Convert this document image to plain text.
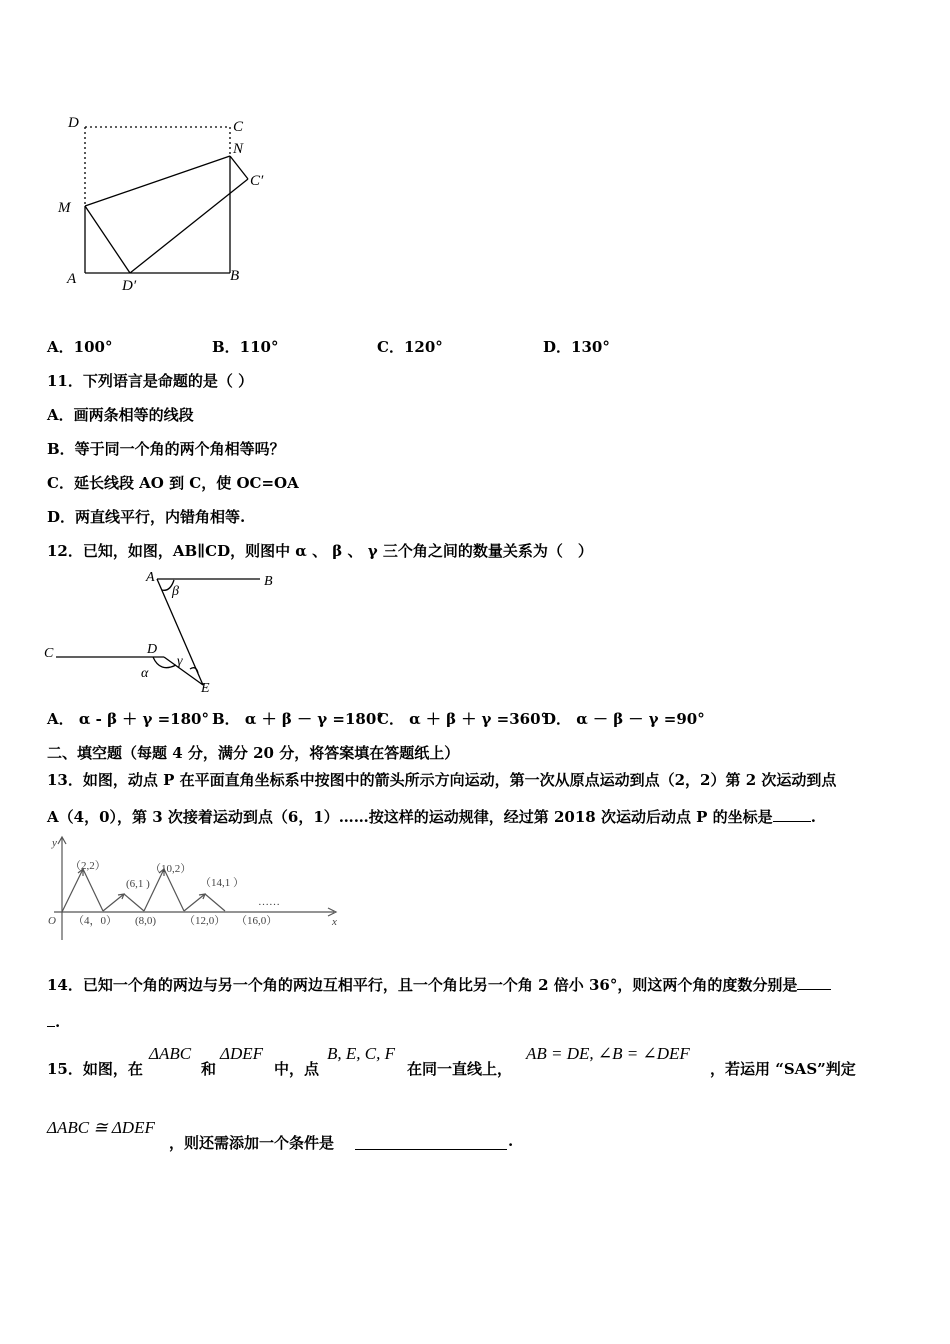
D	C
N
C′
M
A	D′
B
A．100°	B．110°	C．120°	D．130°
11．下列语言是命题的是（ ）
A．画两条相等的线段
B．等于同一个角的两个角相等吗？
C．延长线段 AO 到 C，使 OC=OA
D．两直线平行，内错角相等.
12．已知，如图，AB∥CD，则图中 α 、 β 、 γ 三个角之间的数量关系为（　）
A	B
C	D
E
α
β
γ
A． α - β ＋ γ =180° B． α ＋ β － γ =180°
C． α ＋ β ＋ γ =360°
D． α － β － γ =90°
二、填空题（每题 4 分，满分 20 分，将答案填在答题纸上）
13．如图，动点 P 在平面直角坐标系中按图中的箭头所示方向运动，第一次从原点运动到点（2，2）第 2 次运动到点
A（4，0），第 3 次接着运动到点（6，1）……按这样的运动规律，经过第 2018 次运动后动点 P 的坐标是	.
y
x
O
（2,2）
(6,1 )
（10,2）
（14,1 ）
（4，0） (8,0)	（12,0） （16,0）
……
14．已知一个角的两边与另一个角的两边互相平行，且一个角比另一个角 2 倍小 36°，则这两个角的度数分别是
.
15．如图，在
ΔABC
和
ΔDEF
中，点
B, E, C, F
在同一直线上，
AB = DE, ∠B = ∠DEF
，若运用 “SAS”判定
ΔABC ≅ ΔDEF
，则还需添加一个条件是	.
